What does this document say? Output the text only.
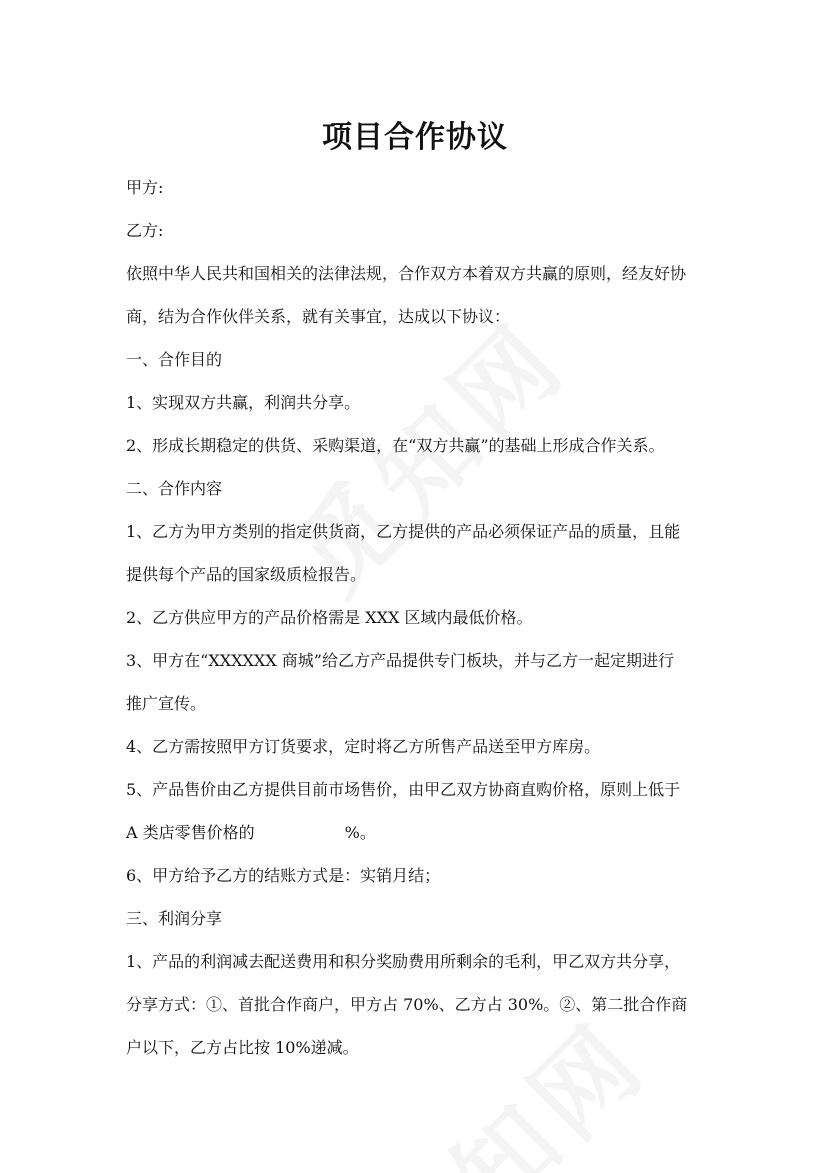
项目合作协议
甲方:
乙方:
依照中华人民共和国相关的法律法规，合作双方本着双方共赢的原则，经友好协
商，结为合作伙伴关系，就有关事宜，达成以下协议：
一、合作目的
1、实现双方共赢，利润共分享。
2、形成长期稳定的供货、采购渠道，在“双方共赢”的基础上形成合作关系。
二、合作内容
1、乙方为甲方类别的指定供货商，乙方提供的产品必须保证产品的质量，且能
提供每个产品的国家级质检报告。
2、乙方供应甲方的产品价格需是 XXX 区域内最低价格。
3、甲方在“XXXXXX 商城”给乙方产品提供专门板块，并与乙方一起定期进行
推广宣传。
4、乙方需按照甲方订货要求，定时将乙方所售产品送至甲方库房。
5、产品售价由乙方提供目前市场售价，由甲乙双方协商直购价格，原则上低于
A 类店零售价格的	%。
6、甲方给予乙方的结账方式是：实销月结；
三、利润分享
1、产品的利润减去配送费用和积分奖励费用所剩余的毛利，甲乙双方共分享，
分享方式：①、首批合作商户，甲方占 70%、乙方占 30%。②、第二批合作商
户以下，乙方占比按 10%递减。
